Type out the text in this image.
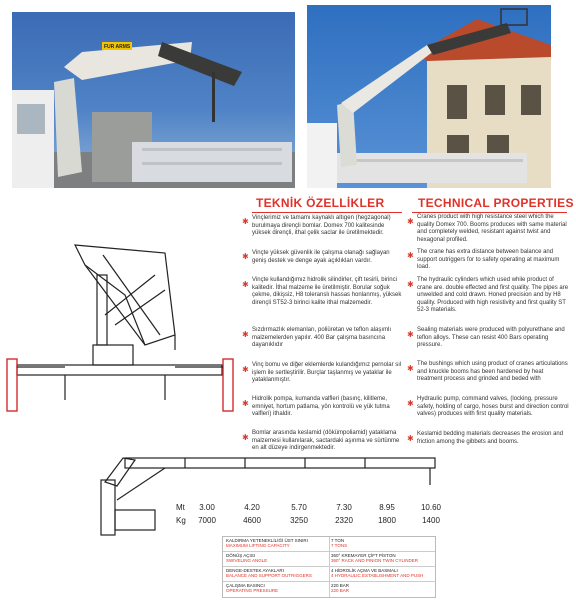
FUR ARMS
TEKNİK ÖZELLİKLER	TECHNICAL PROPERTIES
✱ Vinçlerimiz ve tamamı kaynaklı altıgen (hegzagonal) burulmaya dirençli bomlar. Domex 700 kalitesinde yüksek dirençli, ithal çelik saclar ile üretilmektedir.
✱ Vinçte yüksek güvenlik ile çalışma olanağı sağlayan geniş destek ve denge ayak açıklıkları vardır.
✱ Vinçte kullandığımız hidrolik silindirler, çift tesirli, birinci kalitedir. İthal malzeme ile üretilmiştir. Borular soğuk çekme, dikişsiz, H8 toleranslı hassas honlanmış, yüksek dirençli ST52-3 birinci kalite ithal malzemedir.
✱ Sızdırmazlık elemanları, poliüretan ve teflon alaşımlı malzemelerden yapılır. 400 Bar çalışma basıncına dayanıklıdır
✱ Vinç bomu ve diğer eklemlerde kulandığımız pernolar sıl işlem ile sertleştirilir. Burçlar taşlanmış ve yataklar ile yataklanmıştır.
✱ Hidrolik pompa, kumanda valfleri (basınç, kilitleme, emniyet, hortum patlama, yön kontrolü ve yük tutma valfleri) ithaldir.
✱ Bomlar arasında keslamid (dökümpoliamid) yataklama malzemesi kullanılarak, sactardaki aşınma ve sürtünme en alt düzeye indirgenmektedir.
✱ Cranes product with high resistance steel which the quality Domex 700. Booms produces with same material and completely welded, resistant against twist and hexagonal profiled.
✱ The crane has extra distance between balance and support outriggers for to safety operating at maximum load.
✱ The hydraulic cylinders which used while product of crane are. double effected and first quality. The pipes are unwelded and cold drawn. Honed precision and by H8 quality. Produced with high resistivity and first quality ST 52-3 materials.
✱ Sealing materials were produced with polyurethane and teflon alloys. These can resist 400 Bars operating pressure.
✱ The bushings which using product of cranes articulations and knuckle booms has been hardened by heat treatment process and grinded and beded with
✱ Hydraulic pump, command valves, (locking, pressure safety, holding of cargo, hoses burst and direction control valves) produces with first quality materials.
✱ Keslamid bedding materials decreases the erosion and friction among the gibbets and booms.
Mt
Kg
3.00	4.20	5.70	7.30	8.95	10.60
7000	4600	3250	2320	1800	1400
KALDIRMA YETENEKLİLİĞİ ÜST SINIRI
MAXIMUM LIFTING CAPACITY
7 TON
7 TONS
DÖNÜŞ AÇISI
SWIVELING ANGLE
360° KREMAYER ÇİFT PİSTON
360° RACK AND PINION TWIN CYLINDER
DENGE-DESTEK AYAKLARI
BALANCE AND SUPPORT OUTRIGGERS
4 HİDROLİK AÇMA VE BASMALI
4 HYDRAULIC ESTABLISHMENT AND PUSH
ÇALIŞMA BASINCI
OPERATING PRESSURE
220 BAR
220 BAR
